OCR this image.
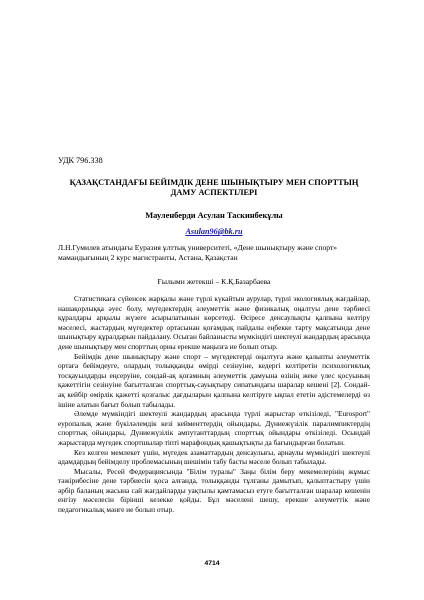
УДК 796.338
ҚАЗАҚСТАНДАҒЫ БЕЙІМДІК ДЕНЕ ШЫНЫҚТЫРУ МЕН СПОРТТЫҢ ДАМУ АСПЕКТІЛЕРІ
Мауленберди Асулан Таскинбекұлы
Asulan96@bk.ru
Л.Н.Гумилев атындағы Еуразия ұлттық университеті, «Дене шынықтыру және спорт» мамандығының 2 курс магистранты, Астана, Қазақстан
Ғылыми жетекші – К.Қ.Базарбаева

Статистикаға сүйенсек жарқалы және түрлі күкайтын аурулар, түрлі экологиялық жағдайлар, нашақорлыққа әуес болу, мүгедектердің әлеуметтік және физикалық оңалтуы дене тәрбиесі құралдары арқылы жүзеге асырылатынын көрсетеді. Өсіресе денсаулықты қалпына келтіру мәселесі, жастардың мүгедектер ортасынан қоғамдық пайдалы еңбекке тарту мақсатында дене шынықтыру құралдарын пайдалану. Осыған байланысты мүмкіндігі шектеулі жандардың арасында дене шынықтыру мен спорттың орны ерекше маңызға ие болып отыр.

Бейімдік дене шынықтыру және спорт – мүгедектерді оңалтуға және қалыпты әлеуметтік ортаға бейімдеуге, олардың толыққанды өмірді сезінуіне, кедергі келтіретін психологиялық тосқауылдарды еңсеруіне, сондай-ақ қоғамның әлеуметтік дамуына өзінің жеке үлес қосуының қажеттігін сезінуіне бағытталған спорттық-сауықтыру сипатындағы шаралар кешені [2]. Сондай-ақ кейбір өмірлік қажетті қозғалыс дағдыларын қалпына келтіруге ықпал ететін әдістемелерді өз ішіне алатын бағыт болып табылады.

Әлемде мүмкіндігі шектеулі жандардың арасында түрлі жарыстар өткізіледі, "Eurosport" еуропалық және бүкілəлемдік кезі кейменттердің ойындары, Дүниежүзілік паралимпиктердің спорттық ойындары, Дүниежүзілік ампутанттардың спорттық ойындары өткізіледі. Осындай жарыстарда мүгедек спортшылар тіпті марафондық қашықтықты да бағындырған болатын.

Кез келген мемлекет үшін, мүгедек азаматтардың денсаулығы, арнаулы мүмкіндігі шектеулі адамдардың бейімделу проблемасының шешімін табу басты мәселе болып табылады.

Мысалы, Ресей Федерациясында "Білім туралы" Заңы білім беру мекемелерінің жұмыс тәжірибесіне дене тәрбиесін қоса алғанда, толыққанды тұлғаны дамытып, қалыптастыру үшін әрбір баланың жасына сай жағдайларды уақтылы қамтамасыз етуге бағытталған шаралар кешенін енгізу мәселесін бірінші кезекке қойды. Бұл мәселені шешу, ерекше әлеуметтік және педагогикалық мәнге ие болып отыр.

4714
